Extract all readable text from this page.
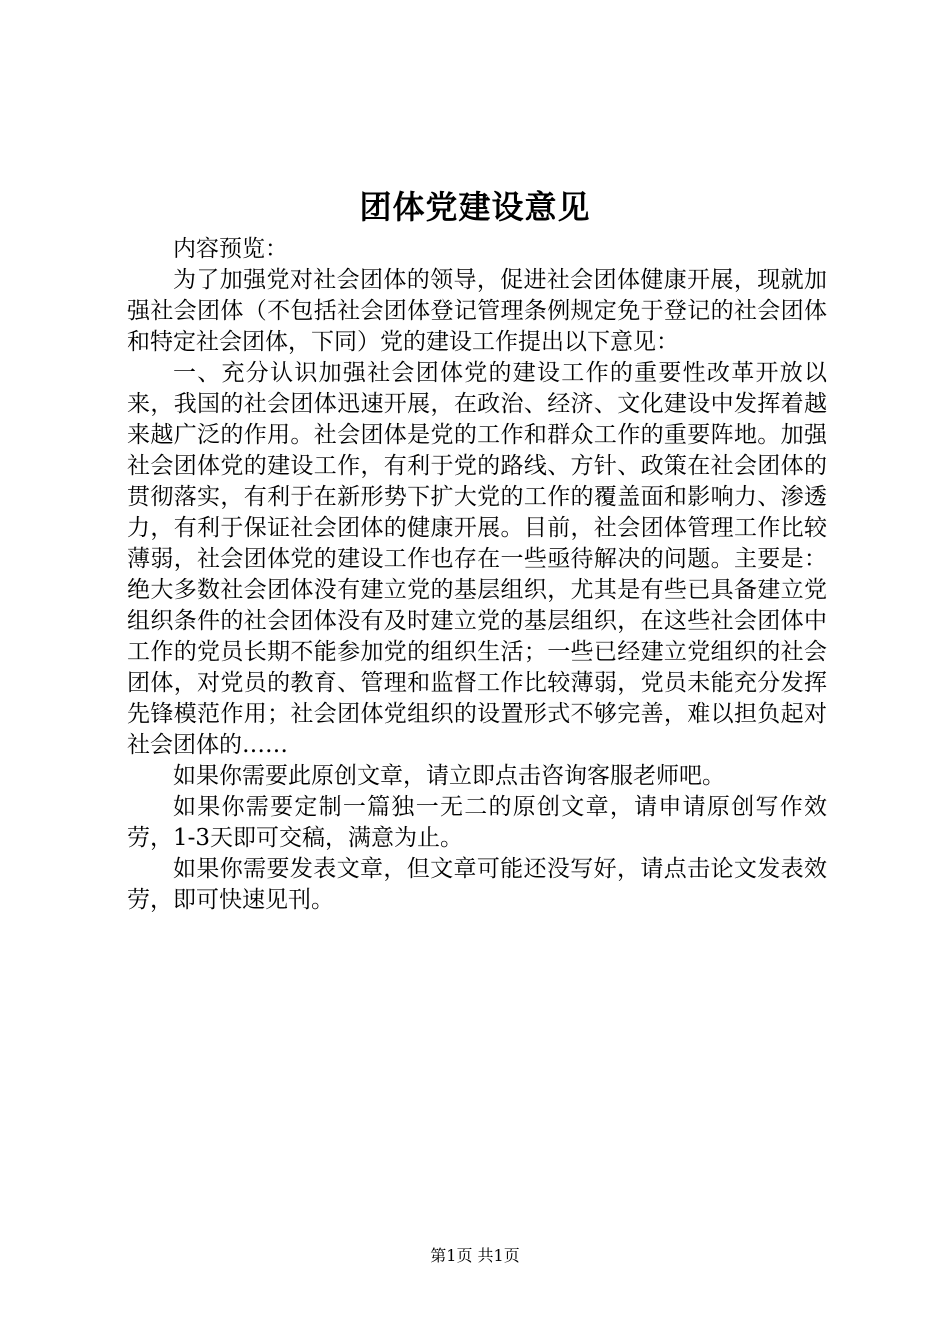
团体党建设意见

内容预览：

为了加强党对社会团体的领导，促进社会团体健康开展，现就加强社会团体（不包括社会团体登记管理条例规定免于登记的社会团体和特定社会团体，下同）党的建设工作提出以下意见：

一、充分认识加强社会团体党的建设工作的重要性改革开放以来，我国的社会团体迅速开展，在政治、经济、文化建设中发挥着越来越广泛的作用。社会团体是党的工作和群众工作的重要阵地。加强社会团体党的建设工作，有利于党的路线、方针、政策在社会团体的贯彻落实，有利于在新形势下扩大党的工作的覆盖面和影响力、渗透力，有利于保证社会团体的健康开展。目前，社会团体管理工作比较薄弱，社会团体党的建设工作也存在一些亟待解决的问题。主要是：绝大多数社会团体没有建立党的基层组织，尤其是有些已具备建立党组织条件的社会团体没有及时建立党的基层组织，在这些社会团体中工作的党员长期不能参加党的组织生活；一些已经建立党组织的社会团体，对党员的教育、管理和监督工作比较薄弱，党员未能充分发挥先锋模范作用；社会团体党组织的设置形式不够完善，难以担负起对社会团体的……

如果你需要此原创文章，请立即点击咨询客服老师吧。

如果你需要定制一篇独一无二的原创文章，请申请原创写作效劳，1-3天即可交稿，满意为止。

如果你需要发表文章，但文章可能还没写好，请点击论文发表效劳，即可快速见刊。

第1页 共1页
